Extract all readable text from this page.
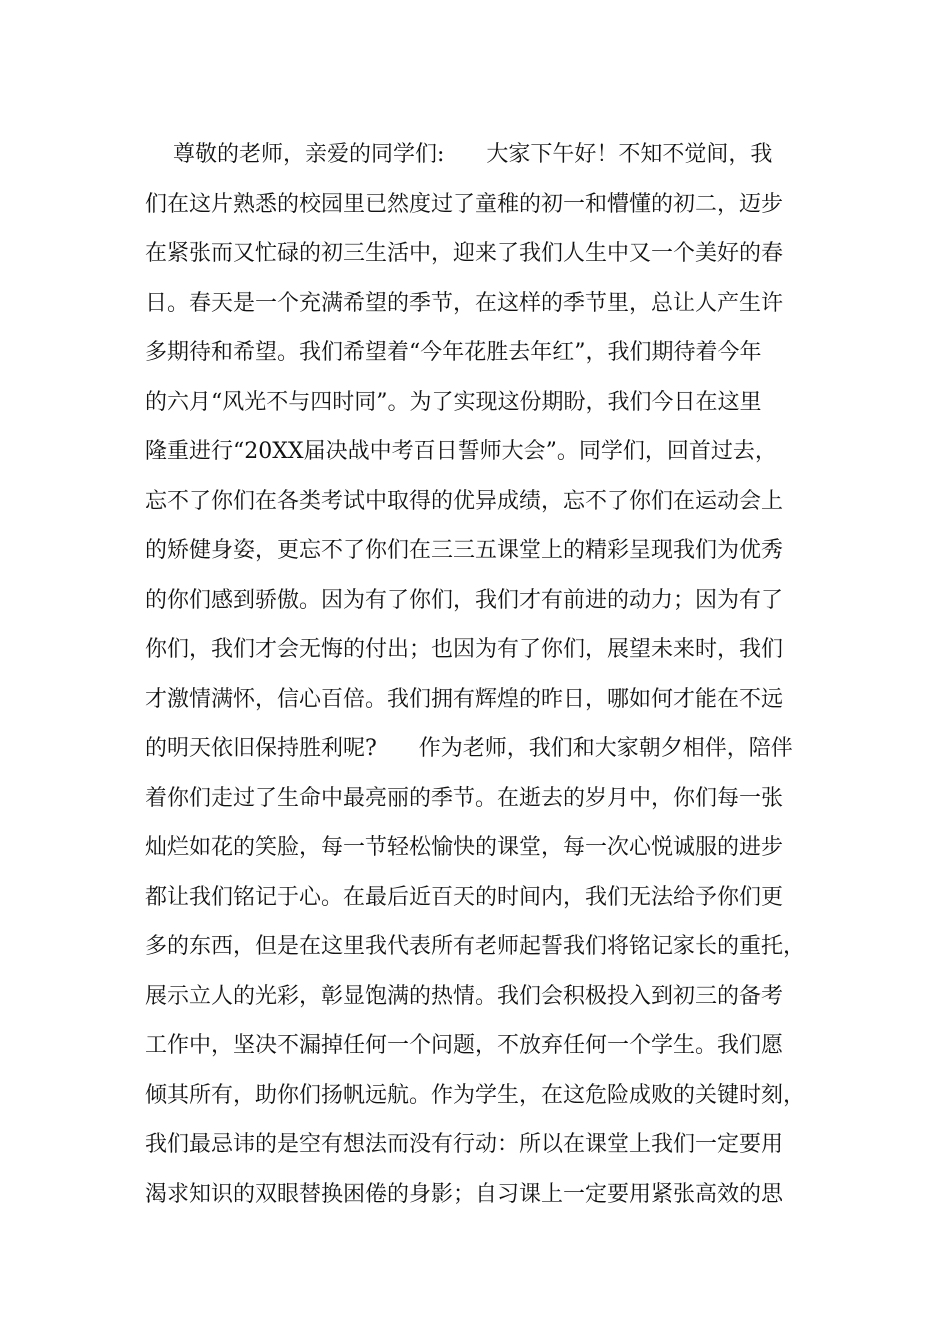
尊敬的老师，亲爱的同学们:      大家下午好！不知不觉间，我
们在这片熟悉的校园里已然度过了童稚的初一和懵懂的初二，迈步
在紧张而又忙碌的初三生活中，迎来了我们人生中又一个美好的春
日。春天是一个充满希望的季节，在这样的季节里，总让人产生许
多期待和希望。我们希望着“今年花胜去年红”，我们期待着今年
的六月“风光不与四时同”。为了实现这份期盼，我们今日在这里
隆重进行“20XX届决战中考百日誓师大会”。同学们，回首过去，
忘不了你们在各类考试中取得的优异成绩，忘不了你们在运动会上
的矫健身姿，更忘不了你们在三三五课堂上的精彩呈现我们为优秀
的你们感到骄傲。因为有了你们，我们才有前进的动力；因为有了
你们，我们才会无悔的付出；也因为有了你们，展望未来时，我们
才激情满怀，信心百倍。我们拥有辉煌的昨日，哪如何才能在不远
的明天依旧保持胜利呢?      作为老师，我们和大家朝夕相伴，陪伴
着你们走过了生命中最亮丽的季节。在逝去的岁月中，你们每一张
灿烂如花的笑脸，每一节轻松愉快的课堂，每一次心悦诚服的进步
都让我们铭记于心。在最后近百天的时间内，我们无法给予你们更
多的东西，但是在这里我代表所有老师起誓我们将铭记家长的重托，
展示立人的光彩，彰显饱满的热情。我们会积极投入到初三的备考
工作中，坚决不漏掉任何一个问题，不放弃任何一个学生。我们愿
倾其所有，助你们扬帆远航。作为学生，在这危险成败的关键时刻，
我们最忌讳的是空有想法而没有行动：所以在课堂上我们一定要用
渴求知识的双眼替换困倦的身影；自习课上一定要用紧张高效的思
